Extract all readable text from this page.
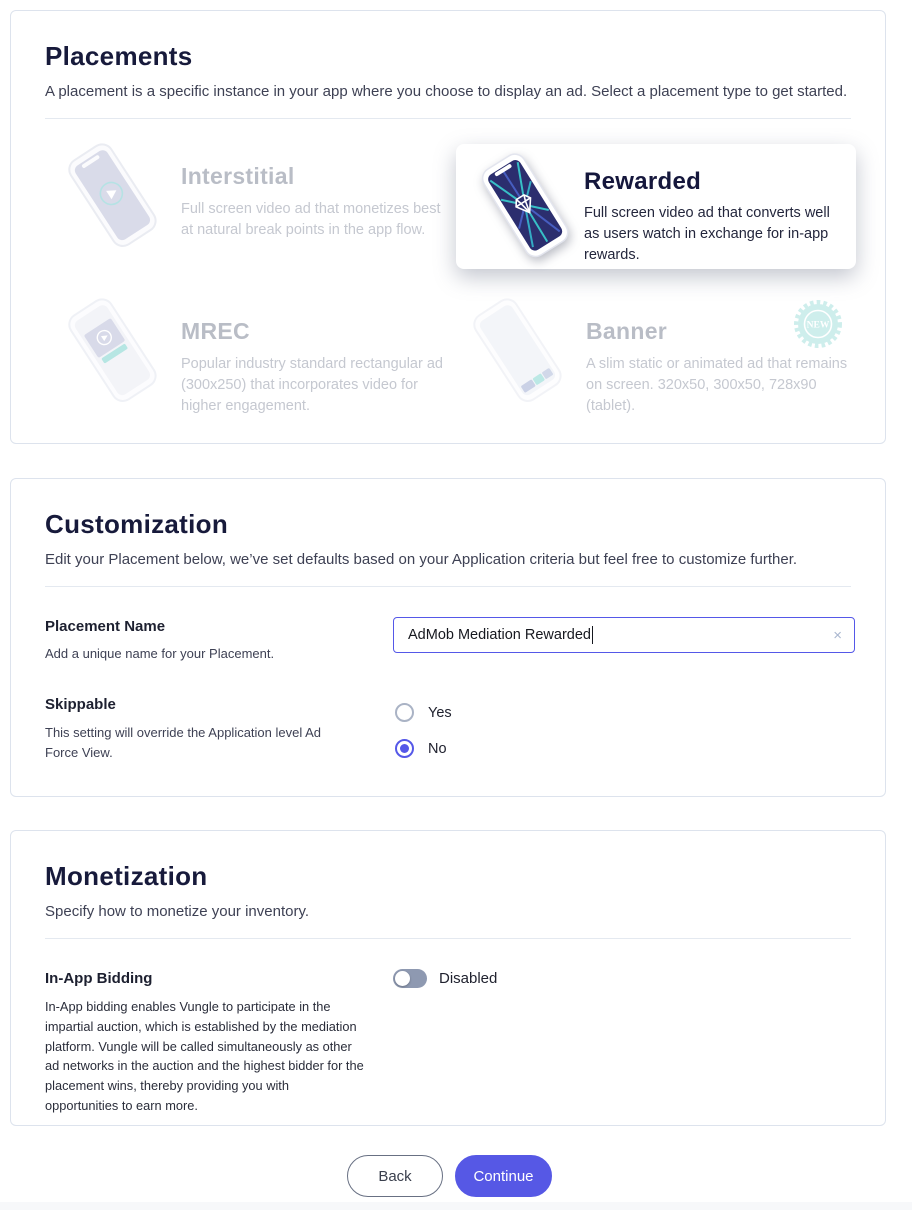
Placements
A placement is a specific instance in your app where you choose to display an ad. Select a placement type to get started.
Interstitial
Full screen video ad that monetizes best at natural break points in the app flow.
Rewarded
Full screen video ad that converts well as users watch in exchange for in-app rewards.
MREC
Popular industry standard rectangular ad (300x250) that incorporates video for higher engagement.
Banner
A slim static or animated ad that remains on screen. 320x50, 300x50, 728x90 (tablet).
NEW
Customization
Edit your Placement below, we’ve set defaults based on your Application criteria but feel free to customize further.
Placement Name
Add a unique name for your Placement.
AdMob Mediation Rewarded	×
Skippable
This setting will override the Application level Ad Force View.
Yes
No
Monetization
Specify how to monetize your inventory.
In-App Bidding
In-App bidding enables Vungle to participate in the impartial auction, which is established by the mediation platform. Vungle will be called simultaneously as other ad networks in the auction and the highest bidder for the placement wins, thereby providing you with opportunities to earn more.
Disabled
Back	Continue
